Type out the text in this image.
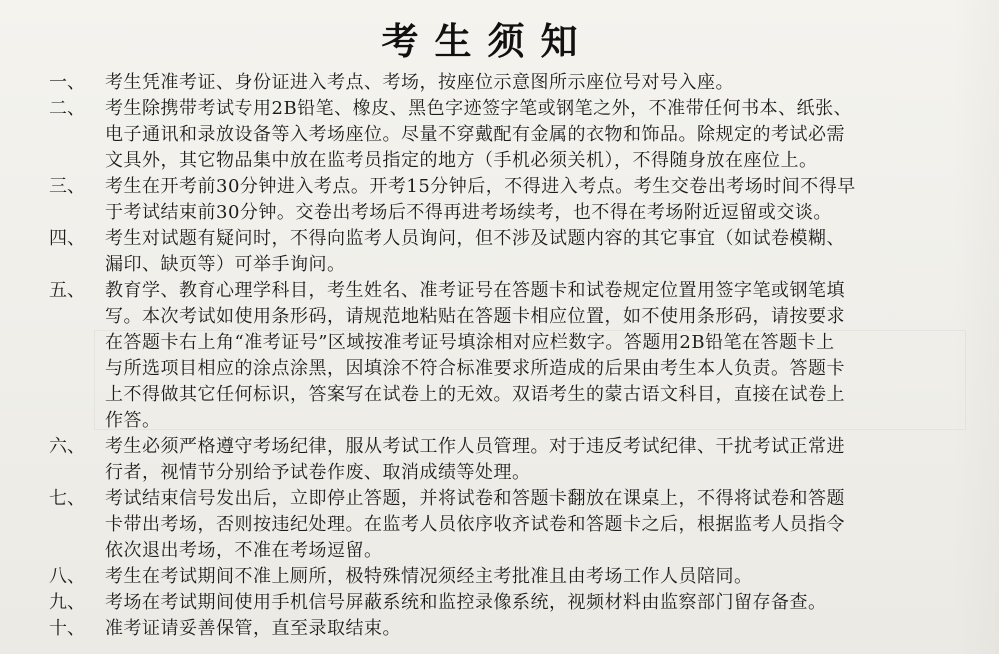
考生须知
一、	考生凭准考证、身份证进入考点、考场，按座位示意图所示座位号对号入座。
二、	考生除携带考试专用2B铅笔、橡皮、黑色字迹签字笔或钢笔之外，不准带任何书本、纸张、
电子通讯和录放设备等入考场座位。尽量不穿戴配有金属的衣物和饰品。除规定的考试必需
文具外，其它物品集中放在监考员指定的地方（手机必须关机），不得随身放在座位上。
三、	考生在开考前30分钟进入考点。开考15分钟后，不得进入考点。考生交卷出考场时间不得早
于考试结束前30分钟。交卷出考场后不得再进考场续考，也不得在考场附近逗留或交谈。
四、	考生对试题有疑问时，不得向监考人员询问，但不涉及试题内容的其它事宜（如试卷模糊、
漏印、缺页等）可举手询问。
五、	教育学、教育心理学科目，考生姓名、准考证号在答题卡和试卷规定位置用签字笔或钢笔填
写。本次考试如使用条形码，请规范地粘贴在答题卡相应位置，如不使用条形码，请按要求
在答题卡右上角“准考证号”区域按准考证号填涂相对应栏数字。答题用2B铅笔在答题卡上
与所选项目相应的涂点涂黑，因填涂不符合标准要求所造成的后果由考生本人负责。答题卡
上不得做其它任何标识，答案写在试卷上的无效。双语考生的蒙古语文科目，直接在试卷上
作答。
六、	考生必须严格遵守考场纪律，服从考试工作人员管理。对于违反考试纪律、干扰考试正常进
行者，视情节分别给予试卷作废、取消成绩等处理。
七、	考试结束信号发出后，立即停止答题，并将试卷和答题卡翻放在课桌上，不得将试卷和答题
卡带出考场，否则按违纪处理。在监考人员依序收齐试卷和答题卡之后，根据监考人员指令
依次退出考场，不准在考场逗留。
八、	考生在考试期间不准上厕所，极特殊情况须经主考批准且由考场工作人员陪同。
九、	考场在考试期间使用手机信号屏蔽系统和监控录像系统，视频材料由监察部门留存备查。
十、	准考证请妥善保管，直至录取结束。
